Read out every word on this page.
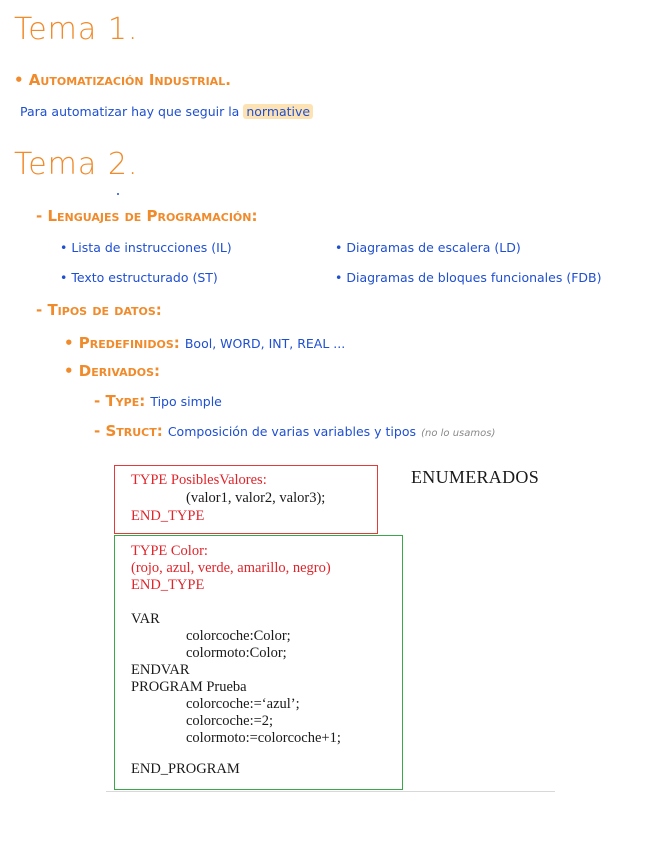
Tema 1.
• Automatización Industrial.
Para automatizar hay que seguir la normative
Tema 2.
- Lenguajes de Programación:
• Lista de instrucciones (IL)	• Diagramas de escalera (LD)
• Texto estructurado (ST)	• Diagramas de bloques funcionales (FDB)
- Tipos de datos:
• Predefinidos: Bool, WORD, INT, REAL ...
• Derivados:
- Type: Tipo simple
- Struct: Composición de varias variables y tipos (no lo usamos)
TYPE PosiblesValores:
(valor1, valor2, valor3);
END_TYPE
ENUMERADOS
TYPE Color:
(rojo, azul, verde, amarillo, negro)
END_TYPE
VAR
colorcoche:Color;
colormoto:Color;
ENDVAR
PROGRAM Prueba
colorcoche:=‘azul’;
colorcoche:=2;
colormoto:=colorcoche+1;
END_PROGRAM
